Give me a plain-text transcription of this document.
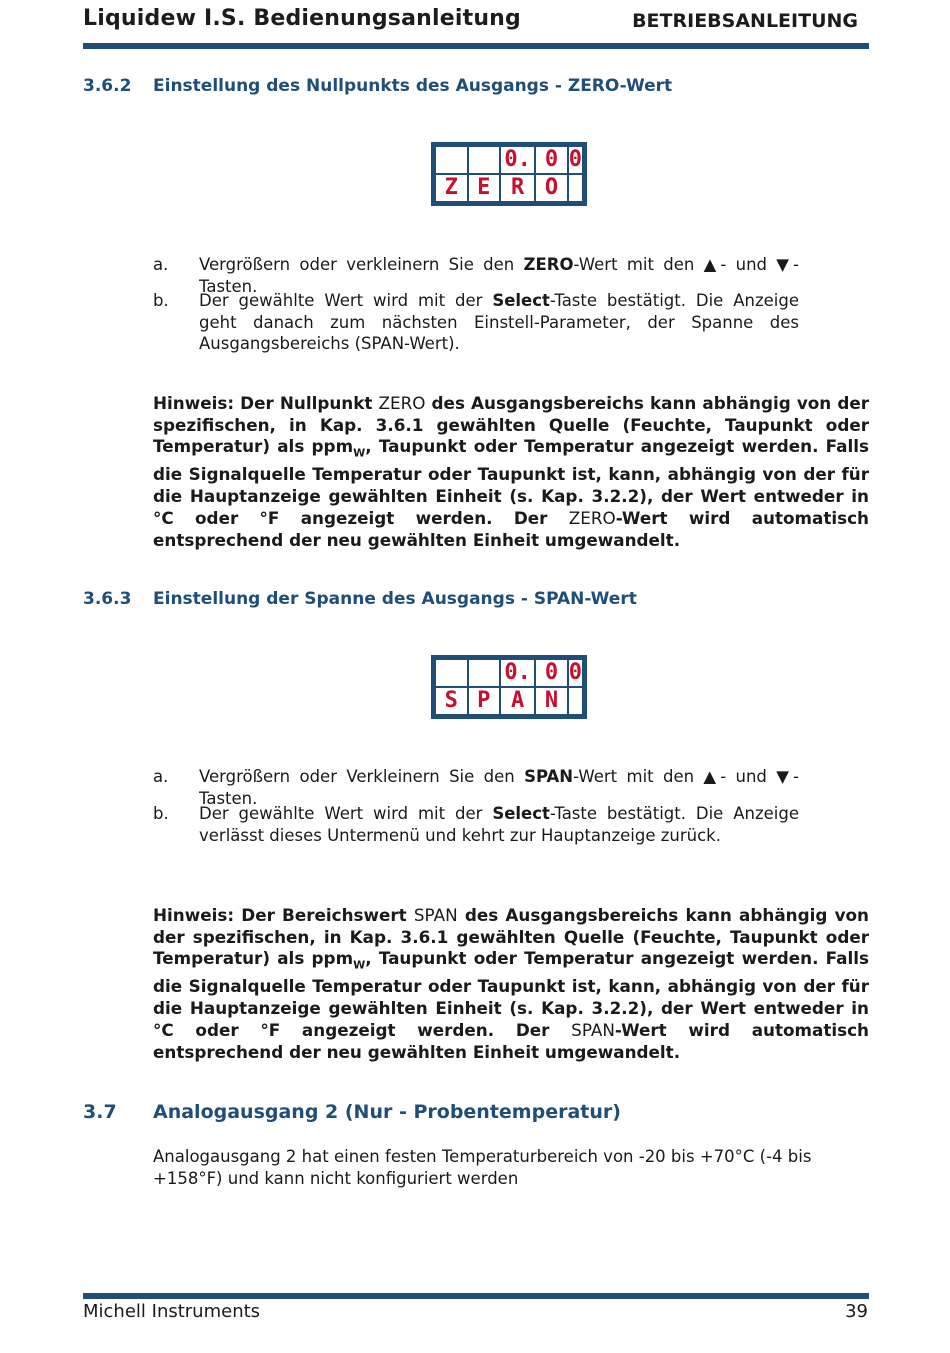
Liquidew I.S. Bedienungsanleitung	BETRIEBSANLEITUNG
3.6.2 Einstellung des Nullpunkts des Ausgangs - ZERO-Wert
		0.	0	0
Z	E	R	O	
a. Vergrößern oder verkleinern Sie den ZERO-Wert mit den ▲- und ▼-Tasten.
b. Der gewählte Wert wird mit der Select-Taste bestätigt. Die Anzeige geht danach zum nächsten Einstell-Parameter, der Spanne des Ausgangsbereichs (SPAN-Wert).
Hinweis: Der Nullpunkt ZERO des Ausgangsbereichs kann abhängig von der spezifischen, in Kap. 3.6.1 gewählten Quelle (Feuchte, Taupunkt oder Temperatur) als ppm$_W$, Taupunkt oder Temperatur angezeigt werden. Falls die Signalquelle Temperatur oder Taupunkt ist, kann, abhängig von der für die Hauptanzeige gewählten Einheit (s. Kap. 3.2.2), der Wert entweder in °C oder °F angezeigt werden. Der ZERO-Wert wird automatisch entsprechend der neu gewählten Einheit umgewandelt.
3.6.3 Einstellung der Spanne des Ausgangs - SPAN-Wert
		0.	0	0
S	P	A	N	
a. Vergrößern oder Verkleinern Sie den SPAN-Wert mit den ▲- und ▼-Tasten.
b. Der gewählte Wert wird mit der Select-Taste bestätigt. Die Anzeige verlässt dieses Untermenü und kehrt zur Hauptanzeige zurück.
Hinweis: Der Bereichswert SPAN des Ausgangsbereichs kann abhängig von der spezifischen, in Kap. 3.6.1 gewählten Quelle (Feuchte, Taupunkt oder Temperatur) als ppm$_W$, Taupunkt oder Temperatur angezeigt werden. Falls die Signalquelle Temperatur oder Taupunkt ist, kann, abhängig von der für die Hauptanzeige gewählten Einheit (s. Kap. 3.2.2), der Wert entweder in °C oder °F angezeigt werden. Der SPAN-Wert wird automatisch entsprechend der neu gewählten Einheit umgewandelt.
3.7 Analogausgang 2 (Nur - Probentemperatur)
Analogausgang 2 hat einen festen Temperaturbereich von -20 bis +70°C (-4 bis +158°F) und kann nicht konfiguriert werden
Michell Instruments	39
